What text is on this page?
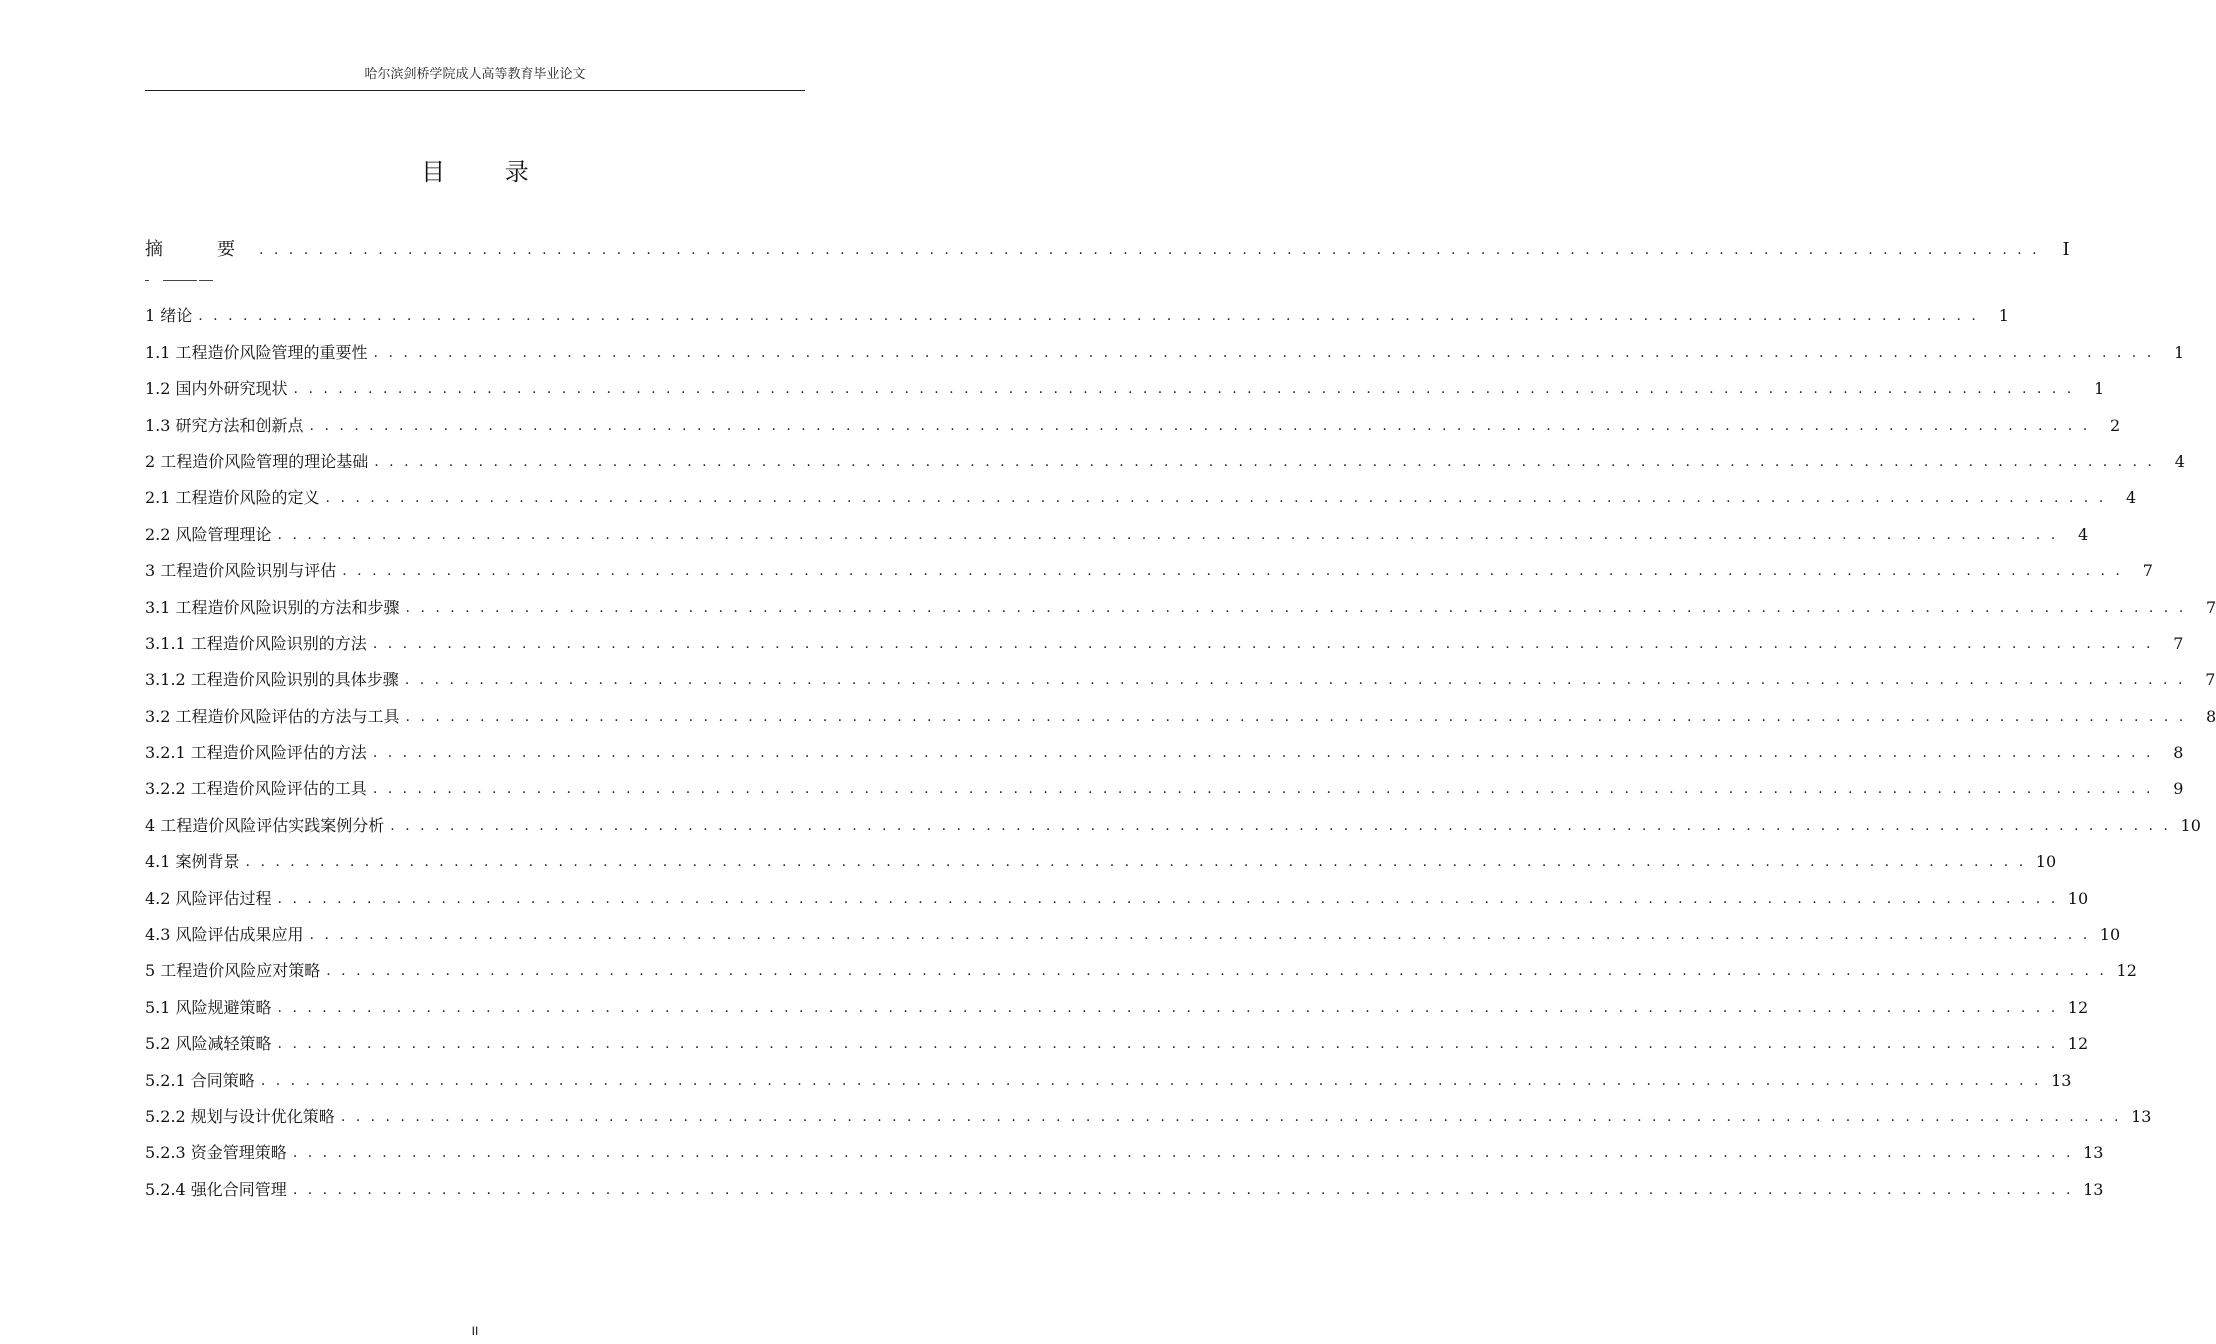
哈尔滨剑桥学院成人高等教育毕业论文
目 录
摘　要 . . . . . . . . . . . . . . . . . . . . . . . . . . . . . . . . . . . . . . . . . . . . . . . . . . . . . . . . . . . . . . . . . . . . . . . . . . . . . . . . . . . . . . . . . . . . . . . . . . . . . . . . . . . . . . . . . . . . . . . .	I
1 绪论 . . . . . . . . . . . . . . . . . . . . . . . . . . . . . . . . . . . . . . . . . . . . . . . . . . . . . . . . . . . . . . . . . . . . . . . . . . . . . . . . . . . . . . . . . . . . . . . . . . . . . . . . . . . . . . . . . . . . . . . .	1
1.1 工程造价风险管理的重要性 . . . . . . . . . . . . . . . . . . . . . . . . . . . . . . . . . . . . . . . . . . . . . . . . . . . . . . . . . . . . . . . . . . . . . . . . . . . . . . . . . . . . . . . . . . . . . . . . . . . . . . . . . . . . . . . . . . . . . . . .	1
1.2 国内外研究现状 . . . . . . . . . . . . . . . . . . . . . . . . . . . . . . . . . . . . . . . . . . . . . . . . . . . . . . . . . . . . . . . . . . . . . . . . . . . . . . . . . . . . . . . . . . . . . . . . . . . . . . . . . . . . . . . . . . . . . . . .	1
1.3 研究方法和创新点 . . . . . . . . . . . . . . . . . . . . . . . . . . . . . . . . . . . . . . . . . . . . . . . . . . . . . . . . . . . . . . . . . . . . . . . . . . . . . . . . . . . . . . . . . . . . . . . . . . . . . . . . . . . . . . . . . . . . . . . .	2
2 工程造价风险管理的理论基础 . . . . . . . . . . . . . . . . . . . . . . . . . . . . . . . . . . . . . . . . . . . . . . . . . . . . . . . . . . . . . . . . . . . . . . . . . . . . . . . . . . . . . . . . . . . . . . . . . . . . . . . . . . . . . . . . . . . . . . . .	4
2.1 工程造价风险的定义 . . . . . . . . . . . . . . . . . . . . . . . . . . . . . . . . . . . . . . . . . . . . . . . . . . . . . . . . . . . . . . . . . . . . . . . . . . . . . . . . . . . . . . . . . . . . . . . . . . . . . . . . . . . . . . . . . . . . . . . .	4
2.2 风险管理理论 . . . . . . . . . . . . . . . . . . . . . . . . . . . . . . . . . . . . . . . . . . . . . . . . . . . . . . . . . . . . . . . . . . . . . . . . . . . . . . . . . . . . . . . . . . . . . . . . . . . . . . . . . . . . . . . . . . . . . . . .	4
3 工程造价风险识别与评估 . . . . . . . . . . . . . . . . . . . . . . . . . . . . . . . . . . . . . . . . . . . . . . . . . . . . . . . . . . . . . . . . . . . . . . . . . . . . . . . . . . . . . . . . . . . . . . . . . . . . . . . . . . . . . . . . . . . . . . . .	7
3.1 工程造价风险识别的方法和步骤 . . . . . . . . . . . . . . . . . . . . . . . . . . . . . . . . . . . . . . . . . . . . . . . . . . . . . . . . . . . . . . . . . . . . . . . . . . . . . . . . . . . . . . . . . . . . . . . . . . . . . . . . . . . . . . . . . . . . . . . .	7
3.1.1 工程造价风险识别的方法 . . . . . . . . . . . . . . . . . . . . . . . . . . . . . . . . . . . . . . . . . . . . . . . . . . . . . . . . . . . . . . . . . . . . . . . . . . . . . . . . . . . . . . . . . . . . . . . . . . . . . . . . . . . . . . . . . . . . . . . .	7
3.1.2 工程造价风险识别的具体步骤 . . . . . . . . . . . . . . . . . . . . . . . . . . . . . . . . . . . . . . . . . . . . . . . . . . . . . . . . . . . . . . . . . . . . . . . . . . . . . . . . . . . . . . . . . . . . . . . . . . . . . . . . . . . . . . . . . . . . . . . .	7
3.2 工程造价风险评估的方法与工具 . . . . . . . . . . . . . . . . . . . . . . . . . . . . . . . . . . . . . . . . . . . . . . . . . . . . . . . . . . . . . . . . . . . . . . . . . . . . . . . . . . . . . . . . . . . . . . . . . . . . . . . . . . . . . . . . . . . . . . . .	8
3.2.1 工程造价风险评估的方法 . . . . . . . . . . . . . . . . . . . . . . . . . . . . . . . . . . . . . . . . . . . . . . . . . . . . . . . . . . . . . . . . . . . . . . . . . . . . . . . . . . . . . . . . . . . . . . . . . . . . . . . . . . . . . . . . . . . . . . . .	8
3.2.2 工程造价风险评估的工具 . . . . . . . . . . . . . . . . . . . . . . . . . . . . . . . . . . . . . . . . . . . . . . . . . . . . . . . . . . . . . . . . . . . . . . . . . . . . . . . . . . . . . . . . . . . . . . . . . . . . . . . . . . . . . . . . . . . . . . . .	9
4 工程造价风险评估实践案例分析 . . . . . . . . . . . . . . . . . . . . . . . . . . . . . . . . . . . . . . . . . . . . . . . . . . . . . . . . . . . . . . . . . . . . . . . . . . . . . . . . . . . . . . . . . . . . . . . . . . . . . . . . . . . . . . . . . . . . . . . . 10
4.1 案例背景 . . . . . . . . . . . . . . . . . . . . . . . . . . . . . . . . . . . . . . . . . . . . . . . . . . . . . . . . . . . . . . . . . . . . . . . . . . . . . . . . . . . . . . . . . . . . . . . . . . . . . . . . . . . . . . . . . . . . . . . . 10
4.2 风险评估过程 . . . . . . . . . . . . . . . . . . . . . . . . . . . . . . . . . . . . . . . . . . . . . . . . . . . . . . . . . . . . . . . . . . . . . . . . . . . . . . . . . . . . . . . . . . . . . . . . . . . . . . . . . . . . . . . . . . . . . . . . 10
4.3 风险评估成果应用 . . . . . . . . . . . . . . . . . . . . . . . . . . . . . . . . . . . . . . . . . . . . . . . . . . . . . . . . . . . . . . . . . . . . . . . . . . . . . . . . . . . . . . . . . . . . . . . . . . . . . . . . . . . . . . . . . . . . . . . . 10
5 工程造价风险应对策略 . . . . . . . . . . . . . . . . . . . . . . . . . . . . . . . . . . . . . . . . . . . . . . . . . . . . . . . . . . . . . . . . . . . . . . . . . . . . . . . . . . . . . . . . . . . . . . . . . . . . . . . . . . . . . . . . . . . . . . . . 12
5.1 风险规避策略 . . . . . . . . . . . . . . . . . . . . . . . . . . . . . . . . . . . . . . . . . . . . . . . . . . . . . . . . . . . . . . . . . . . . . . . . . . . . . . . . . . . . . . . . . . . . . . . . . . . . . . . . . . . . . . . . . . . . . . . . 12
5.2 风险减轻策略 . . . . . . . . . . . . . . . . . . . . . . . . . . . . . . . . . . . . . . . . . . . . . . . . . . . . . . . . . . . . . . . . . . . . . . . . . . . . . . . . . . . . . . . . . . . . . . . . . . . . . . . . . . . . . . . . . . . . . . . . 12
5.2.1 合同策略 . . . . . . . . . . . . . . . . . . . . . . . . . . . . . . . . . . . . . . . . . . . . . . . . . . . . . . . . . . . . . . . . . . . . . . . . . . . . . . . . . . . . . . . . . . . . . . . . . . . . . . . . . . . . . . . . . . . . . . . . 13
5.2.2 规划与设计优化策略 . . . . . . . . . . . . . . . . . . . . . . . . . . . . . . . . . . . . . . . . . . . . . . . . . . . . . . . . . . . . . . . . . . . . . . . . . . . . . . . . . . . . . . . . . . . . . . . . . . . . . . . . . . . . . . . . . . . . . . . . 13
5.2.3 资金管理策略 . . . . . . . . . . . . . . . . . . . . . . . . . . . . . . . . . . . . . . . . . . . . . . . . . . . . . . . . . . . . . . . . . . . . . . . . . . . . . . . . . . . . . . . . . . . . . . . . . . . . . . . . . . . . . . . . . . . . . . . . 13
5.2.4 强化合同管理 . . . . . . . . . . . . . . . . . . . . . . . . . . . . . . . . . . . . . . . . . . . . . . . . . . . . . . . . . . . . . . . . . . . . . . . . . . . . . . . . . . . . . . . . . . . . . . . . . . . . . . . . . . . . . . . . . . . . . . . . 13
II
